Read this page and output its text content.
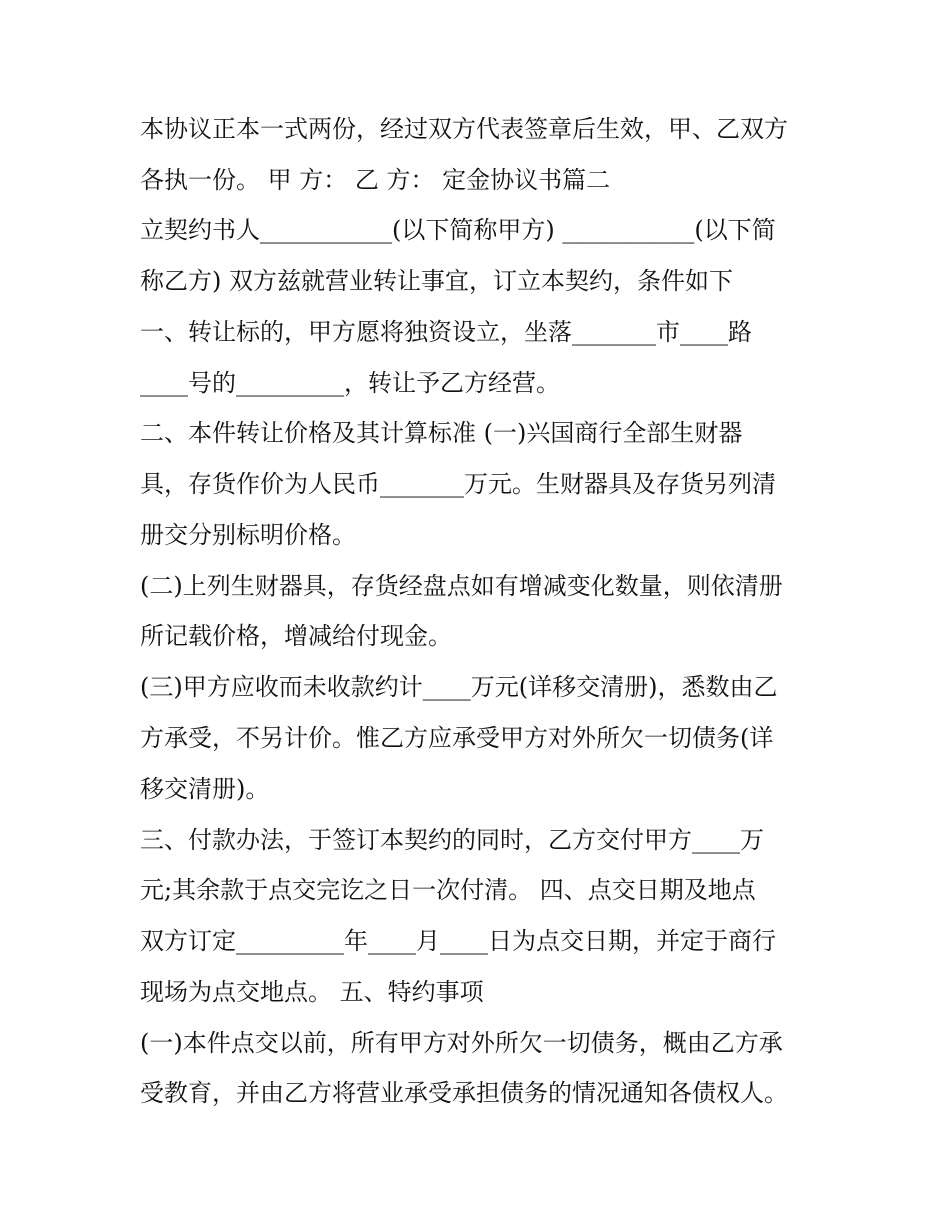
本协议正本一式两份，经过双方代表签章后生效，甲、乙双方

各执一份。 甲 方： 乙 方： 定金协议书篇二

立契约书人___________(以下简称甲方) ___________(以下简

称乙方) 双方兹就营业转让事宜，订立本契约，条件如下

一、转让标的，甲方愿将独资设立，坐落_______市____路

____号的_________，转让予乙方经营。

二、本件转让价格及其计算标准 (一)兴国商行全部生财器

具，存货作价为人民币_______万元。生财器具及存货另列清

册交分别标明价格。

(二)上列生财器具，存货经盘点如有增减变化数量，则依清册

所记载价格，增减给付现金。

(三)甲方应收而未收款约计____万元(详移交清册)，悉数由乙

方承受，不另计价。惟乙方应承受甲方对外所欠一切债务(详

移交清册)。

三、付款办法，于签订本契约的同时，乙方交付甲方____万

元;其余款于点交完讫之日一次付清。 四、点交日期及地点

双方订定_________年____月____日为点交日期，并定于商行

现场为点交地点。 五、特约事项

(一)本件点交以前，所有甲方对外所欠一切债务，概由乙方承

受教育，并由乙方将营业承受承担债务的情况通知各债权人。
